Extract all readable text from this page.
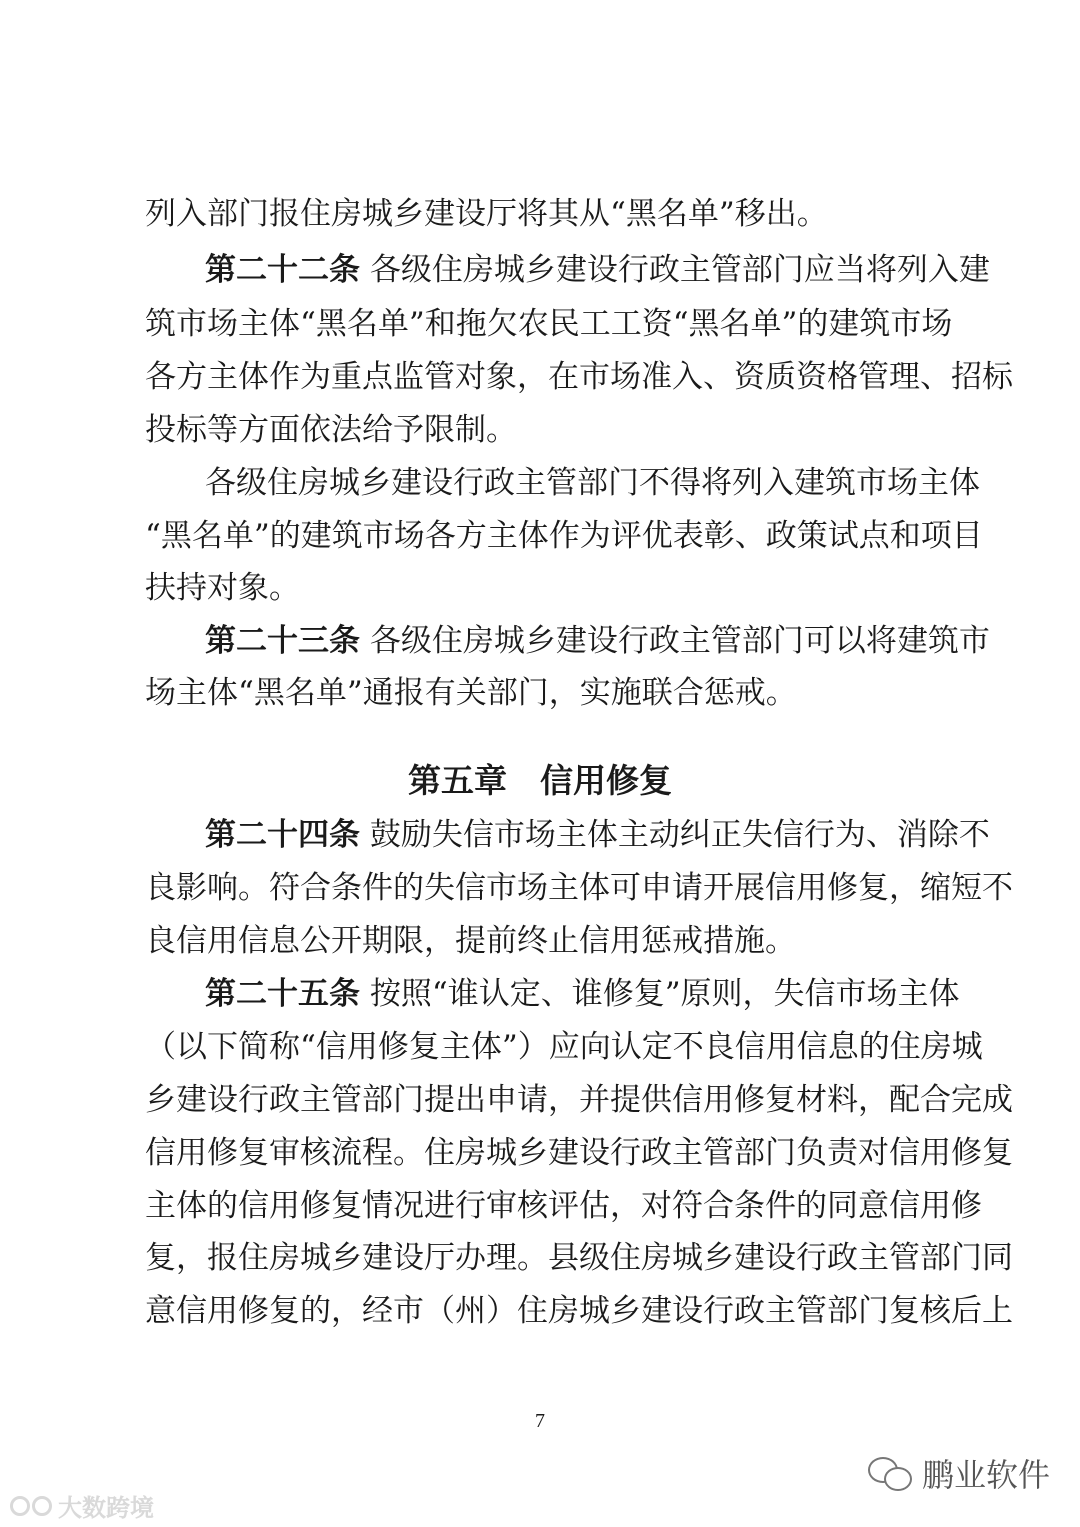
列入部门报住房城乡建设厅将其从“黑名单”移出。
第二十二条 各级住房城乡建设行政主管部门应当将列入建
筑市场主体“黑名单”和拖欠农民工工资“黑名单”的建筑市场
各方主体作为重点监管对象，在市场准入、资质资格管理、招标
投标等方面依法给予限制。
各级住房城乡建设行政主管部门不得将列入建筑市场主体
“黑名单”的建筑市场各方主体作为评优表彰、政策试点和项目
扶持对象。
第二十三条 各级住房城乡建设行政主管部门可以将建筑市
场主体“黑名单”通报有关部门，实施联合惩戒。
第五章　信用修复
第二十四条 鼓励失信市场主体主动纠正失信行为、消除不
良影响。符合条件的失信市场主体可申请开展信用修复，缩短不
良信用信息公开期限，提前终止信用惩戒措施。
第二十五条 按照“谁认定、谁修复”原则，失信市场主体
（以下简称“信用修复主体”）应向认定不良信用信息的住房城
乡建设行政主管部门提出申请，并提供信用修复材料，配合完成
信用修复审核流程。住房城乡建设行政主管部门负责对信用修复
主体的信用修复情况进行审核评估，对符合条件的同意信用修
复，报住房城乡建设厅办理。县级住房城乡建设行政主管部门同
意信用修复的，经市（州）住房城乡建设行政主管部门复核后上
7
大数跨境
鹏业软件
